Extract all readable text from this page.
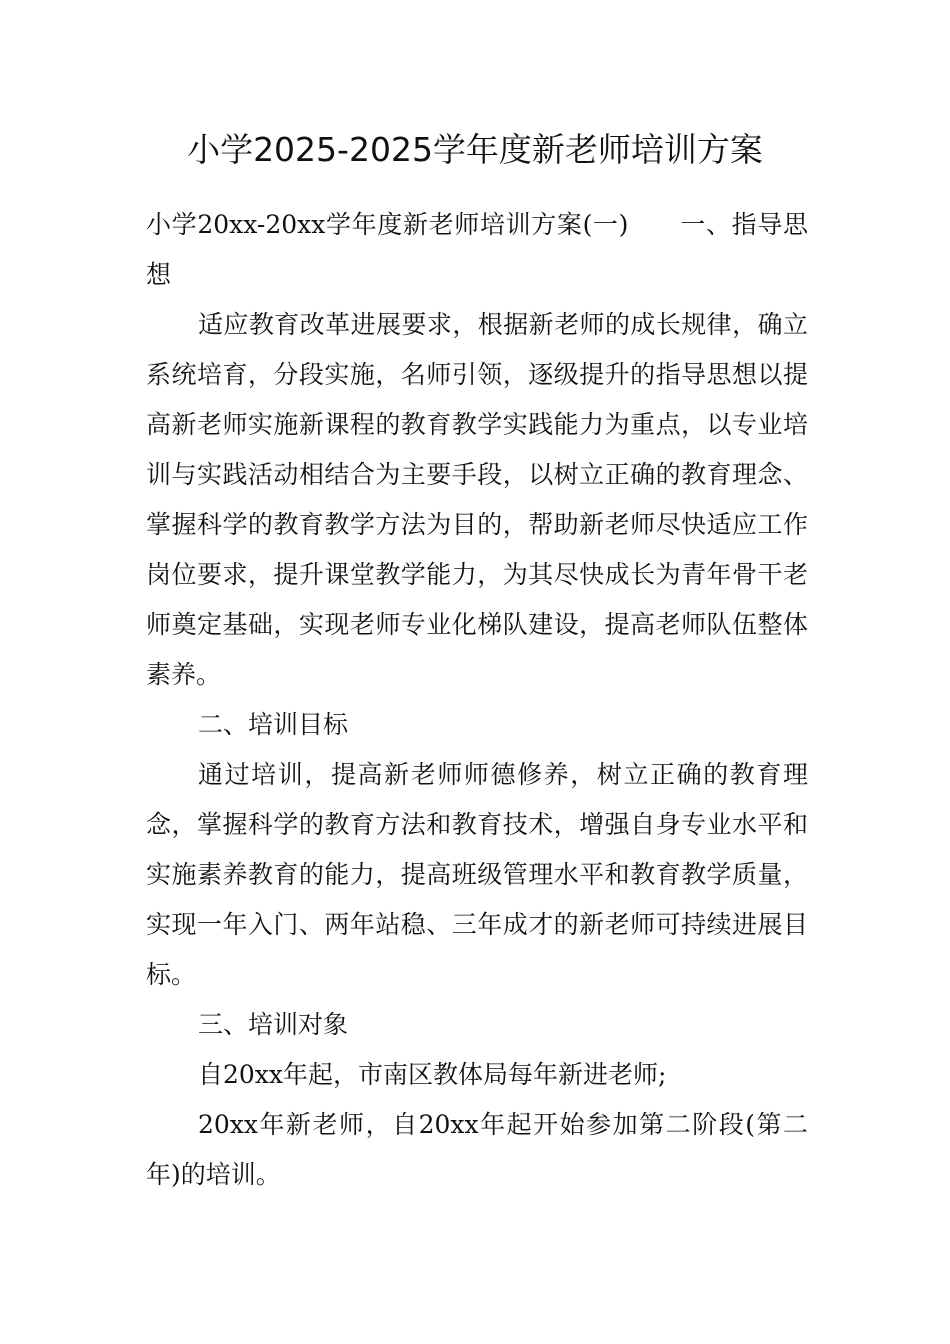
小学2025-2025学年度新老师培训方案

小学20xx-20xx学年度新老师培训方案(一)　　一、指导思想

适应教育改革进展要求，根据新老师的成长规律，确立系统培育，分段实施，名师引领，逐级提升的指导思想以提高新老师实施新课程的教育教学实践能力为重点，以专业培训与实践活动相结合为主要手段，以树立正确的教育理念、掌握科学的教育教学方法为目的，帮助新老师尽快适应工作岗位要求，提升课堂教学能力，为其尽快成长为青年骨干老师奠定基础，实现老师专业化梯队建设，提高老师队伍整体素养。

二、培训目标

通过培训，提高新老师师德修养，树立正确的教育理念，掌握科学的教育方法和教育技术，增强自身专业水平和实施素养教育的能力，提高班级管理水平和教育教学质量，实现一年入门、两年站稳、三年成才的新老师可持续进展目标。

三、培训对象

自20xx年起，市南区教体局每年新进老师;

20xx年新老师，自20xx年起开始参加第二阶段(第二年)的培训。
